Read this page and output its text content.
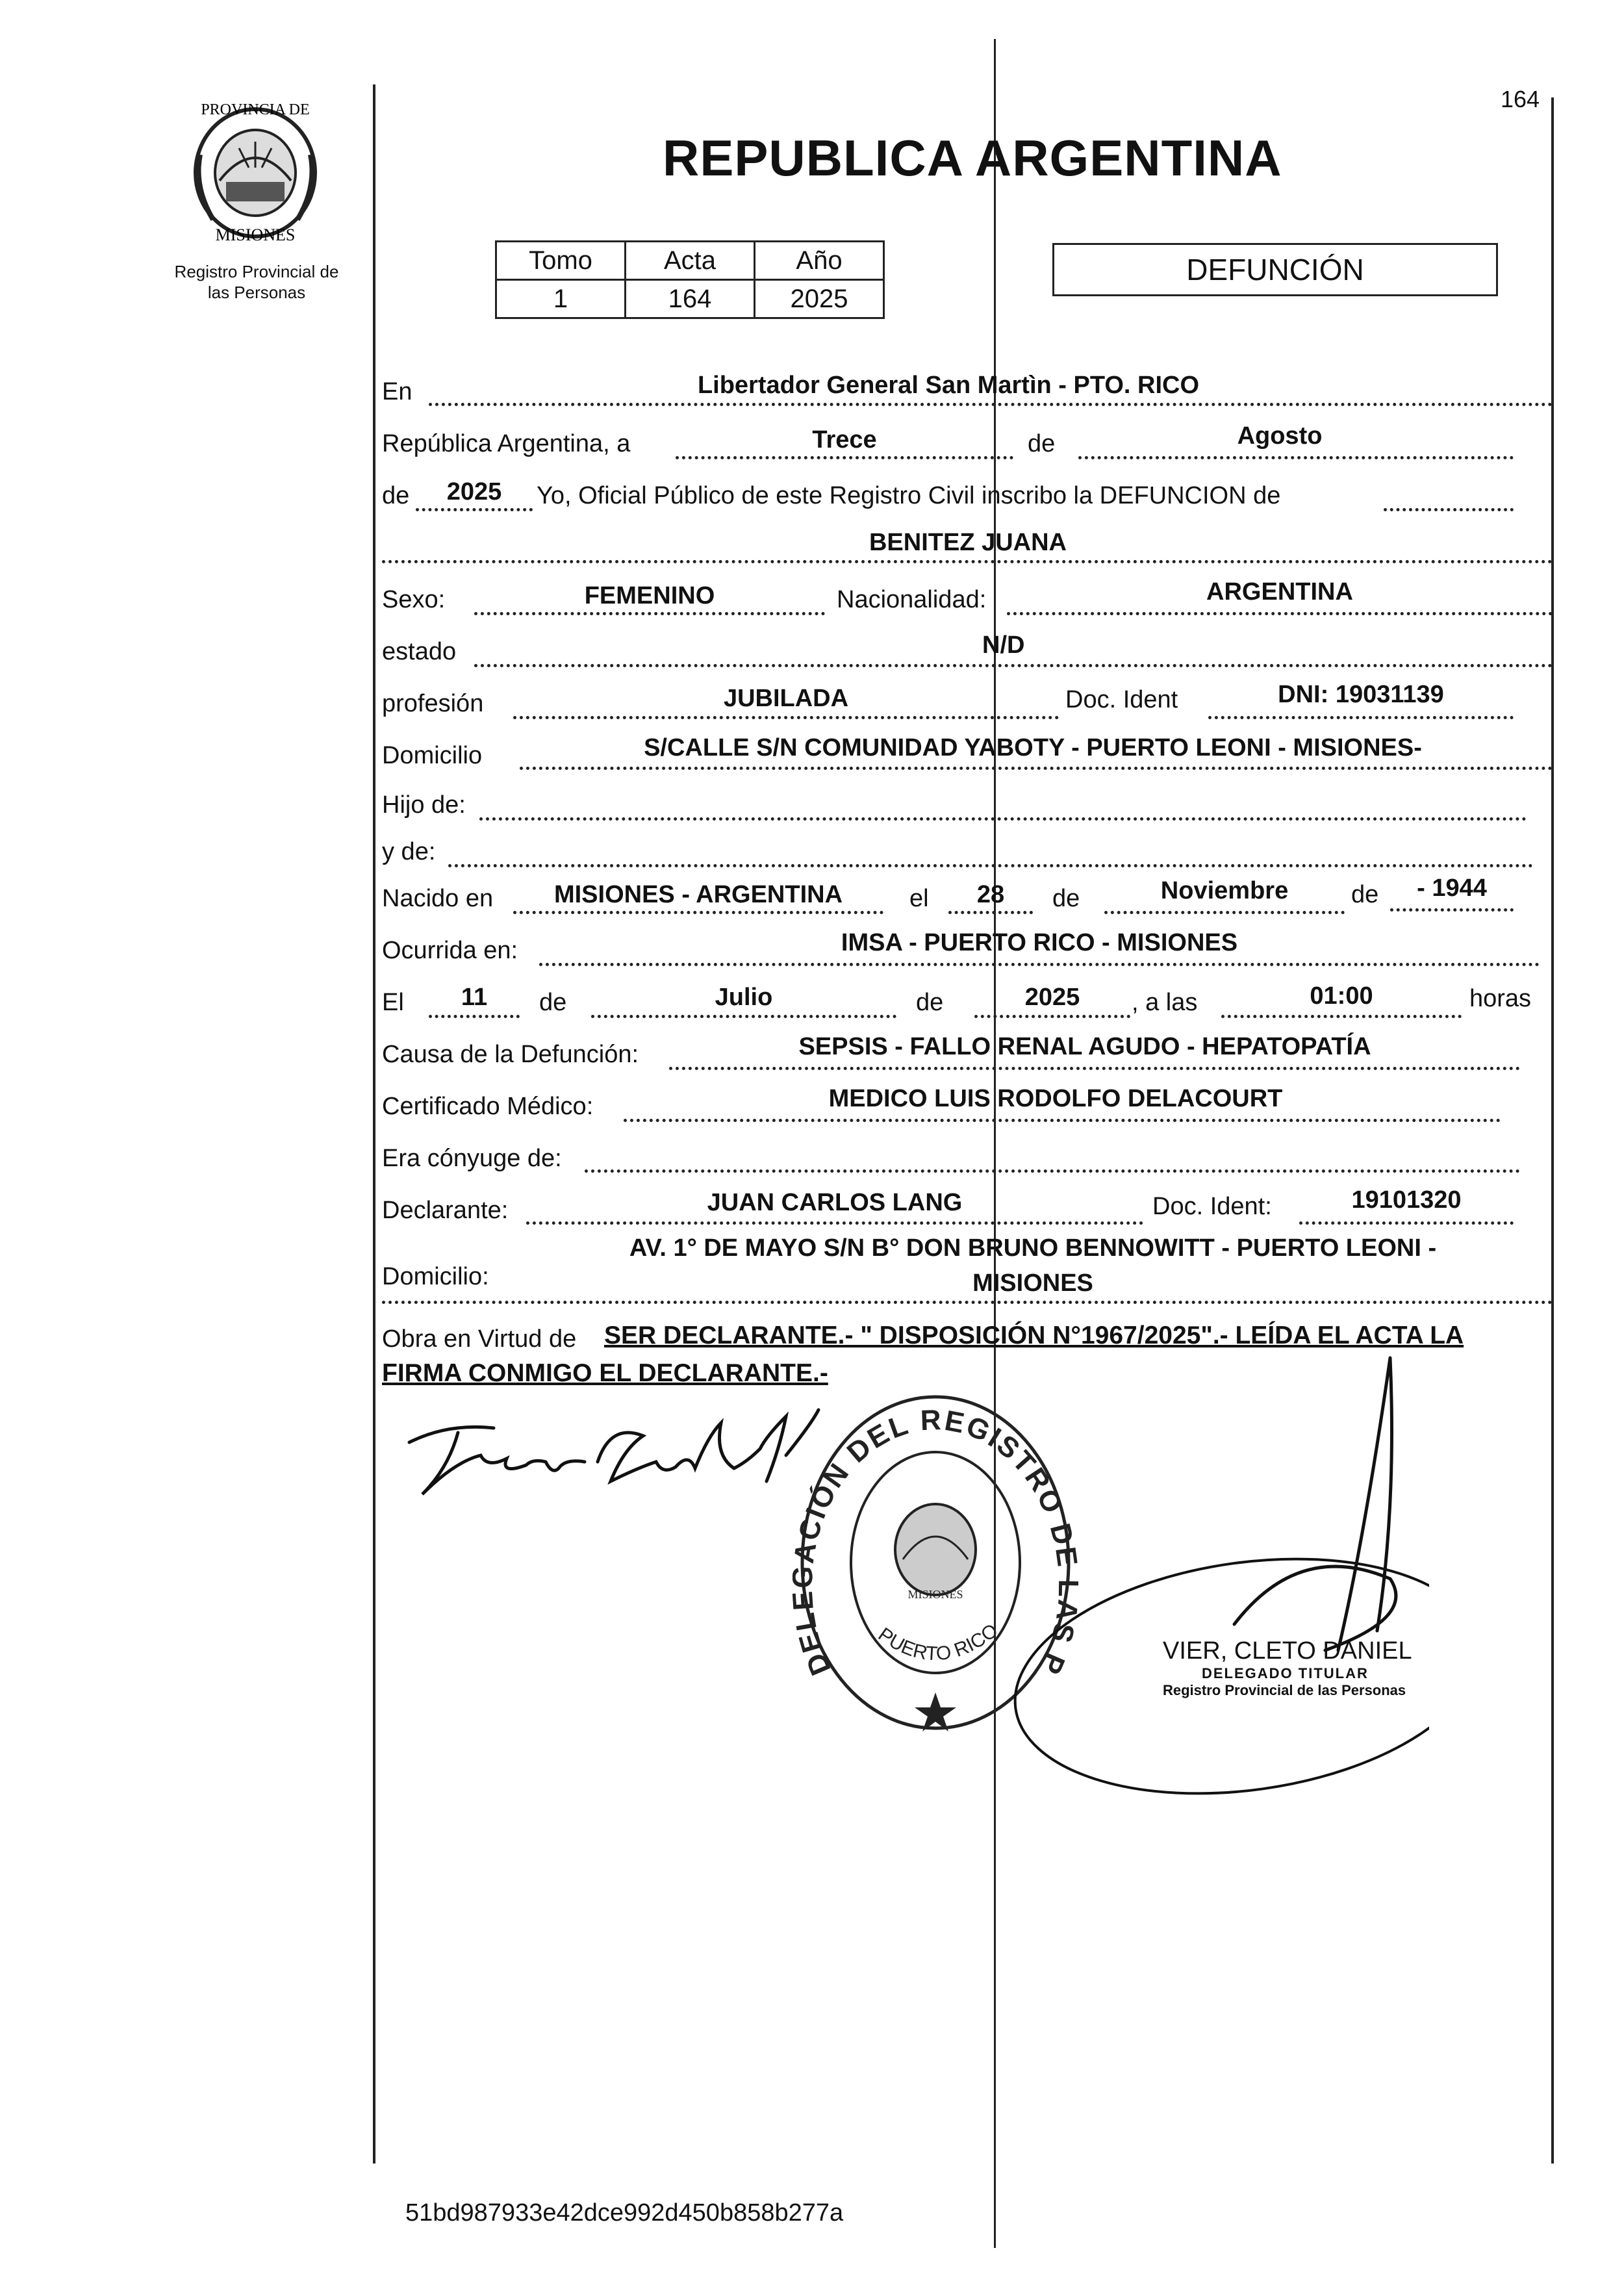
PROVINCIA DE
MISIONES
Registro Provincial de
las Personas
164
REPUBLICA ARGENTINA
Tomo	Acta	Año
1	164	2025
DEFUNCIÓN
En	Libertador General San Martìn - PTO. RICO
República Argentina, a	Trece	de	Agosto
de	2025	Yo, Oficial Público de este Registro Civil inscribo la DEFUNCION de
BENITEZ JUANA
Sexo:	FEMENINO	Nacionalidad:	ARGENTINA
estado	N/D
profesión	JUBILADA	Doc. Ident	DNI: 19031139
Domicilio	S/CALLE S/N COMUNIDAD YABOTY - PUERTO LEONI - MISIONES-
Hijo de:
y de:
Nacido en	MISIONES - ARGENTINA	el	28	de	Noviembre	de	- 1944
Ocurrida en:	IMSA - PUERTO RICO - MISIONES
El	11	de	Julio	de	2025	, a las	01:00	horas
Causa de la Defunción:	SEPSIS - FALLO RENAL AGUDO - HEPATOPATÍA
Certificado Médico:	MEDICO LUIS RODOLFO DELACOURT
Era cónyuge de:
Declarante:	JUAN CARLOS LANG	Doc. Ident:	19101320
Domicilio:
AV. 1° DE MAYO S/N B° DON BRUNO BENNOWITT - PUERTO LEONI -
MISIONES
Obra en Virtud de SER DECLARANTE.- " DISPOSICIÓN N°1967/2025".- LEÍDA EL ACTA LA
FIRMA CONMIGO EL DECLARANTE.-
DE CIÓN DEL REGISTRO D S P
PUERTO RICO
MISIONES
VIER, CLETO DANIEL
DELEGADO TITULAR
Registro Provincial de las Personas
51bd987933e42dce992d450b858b277a
